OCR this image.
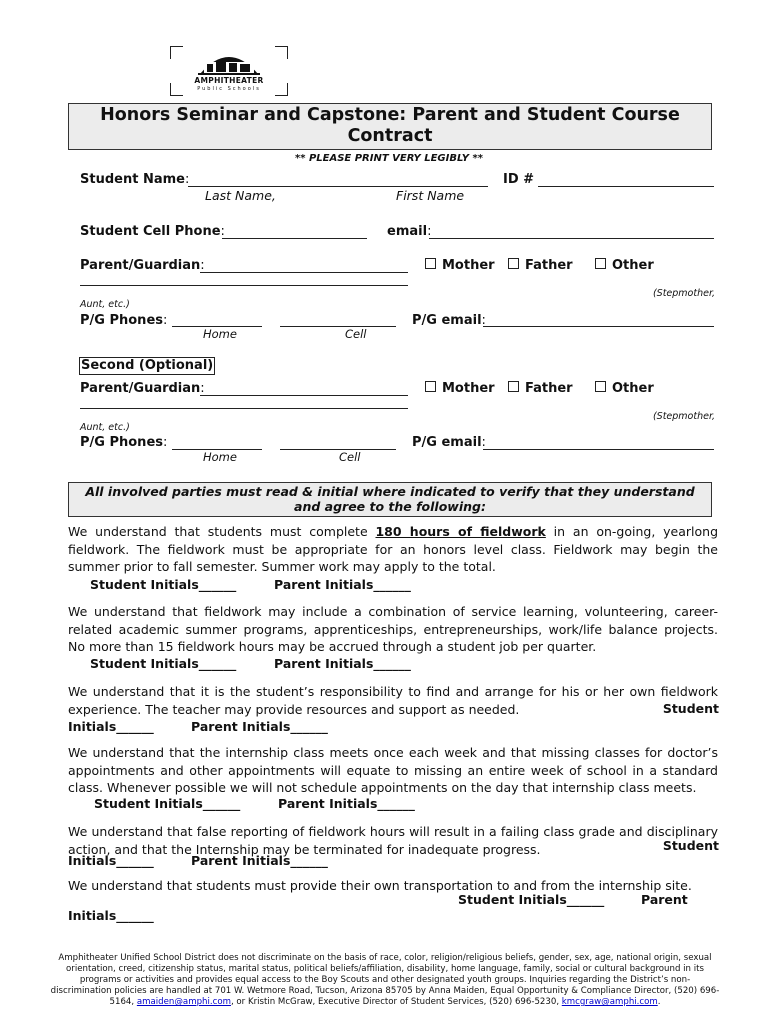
AMPHITHEATER
Public Schools
Honors Seminar and Capstone: Parent and Student Course
Contract
** PLEASE PRINT VERY LEGIBLY **
Student Name:	ID #
Last Name,	First Name
Student Cell Phone:	email:
Parent/Guardian:	Mother	Father	Other
(Stepmother,
Aunt, etc.)
P/G Phones:	P/G email:
Home	Cell
Second (Optional)
Parent/Guardian:	Mother	Father	Other
(Stepmother,
Aunt, etc.)
P/G Phones:	P/G email:
Home	Cell
All involved parties must read & initial where indicated to verify that they understand
and agree to the following:
We understand that students must complete 180 hours of fieldwork in an on-going, yearlong fieldwork. The fieldwork must be appropriate for an honors level class. Fieldwork may begin the summer prior to fall semester. Summer work may apply to the total.
Student Initials______	Parent Initials______
We understand that fieldwork may include a combination of service learning, volunteering, career-related academic summer programs, apprenticeships, entrepreneurships, work/life balance projects. No more than 15 fieldwork hours may be accrued through a student job per quarter.
Student Initials______	Parent Initials______
We understand that it is the student’s responsibility to find and arrange for his or her own fieldwork experience. The teacher may provide resources and support as needed.	Student
Initials______	Parent Initials______
We understand that the internship class meets once each week and that missing classes for doctor’s appointments and other appointments will equate to missing an entire week of school in a standard class. Whenever possible we will not schedule appointments on the day that internship class meets.
Student Initials______	Parent Initials______
We understand that false reporting of fieldwork hours will result in a failing class grade and disciplinary action, and that the Internship may be terminated for inadequate progress.	Student
Initials______	Parent Initials______
We understand that students must provide their own transportation to and from the internship site.
Student Initials______	Parent
Initials______
Amphitheater Unified School District does not discriminate on the basis of race, color, religion/religious beliefs, gender, sex, age, national origin, sexual orientation, creed, citizenship status, marital status, political beliefs/affiliation, disability, home language, family, social or cultural background in its programs or activities and provides equal access to the Boy Scouts and other designated youth groups. Inquiries regarding the District’s non-discrimination policies are handled at 701 W. Wetmore Road, Tucson, Arizona 85705 by Anna Maiden, Equal Opportunity & Compliance Director, (520) 696-5164, amaiden@amphi.com, or Kristin McGraw, Executive Director of Student Services, (520) 696-5230, kmcgraw@amphi.com.
